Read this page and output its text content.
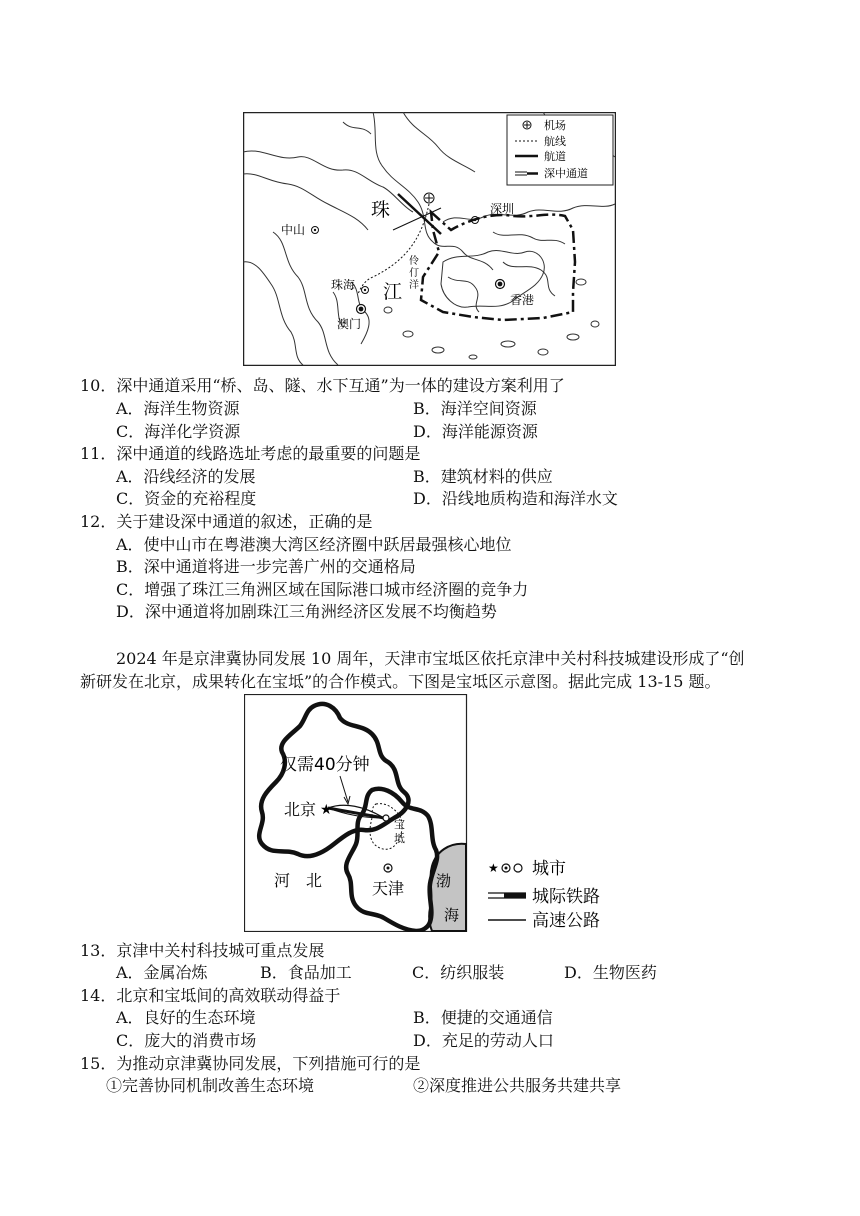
机场
航线
航道
深中通道
珠
江
中山
深圳
珠海
澳门
香港
伶 仃 洋
10．深中通道采用“桥、岛、隧、水下互通”为一体的建设方案利用了
A．海洋生物资源	B．海洋空间资源
C．海洋化学资源	D．海洋能源资源
11．深中通道的线路选址考虑的最重要的问题是
A．沿线经济的发展	B．建筑材料的供应
C．资金的充裕程度	D．沿线地质构造和海洋水文
12．关于建设深中通道的叙述，正确的是
A．使中山市在粤港澳大湾区经济圈中跃居最强核心地位
B．深中通道将进一步完善广州的交通格局
C．增强了珠江三角洲区域在国际港口城市经济圈的竞争力
D．深中通道将加剧珠江三角洲经济区发展不均衡趋势
2024 年是京津冀协同发展 10 周年，天津市宝坻区依托京津中关村科技城建设形成了“创
新研发在北京，成果转化在宝坻”的合作模式。下图是宝坻区示意图。据此完成 13-15 题。
★
仅需40分钟
北京
宝
坻
河　北	天津 渤
海
★ 城市
城际铁路
高速公路
13．京津中关村科技城可重点发展
A．金属冶炼	B．食品加工	C．纺织服装	D．生物医药
14．北京和宝坻间的高效联动得益于
A．良好的生态环境	B．便捷的交通通信
C．庞大的消费市场	D．充足的劳动人口
15．为推动京津冀协同发展，下列措施可行的是
①完善协同机制改善生态环境	②深度推进公共服务共建共享
